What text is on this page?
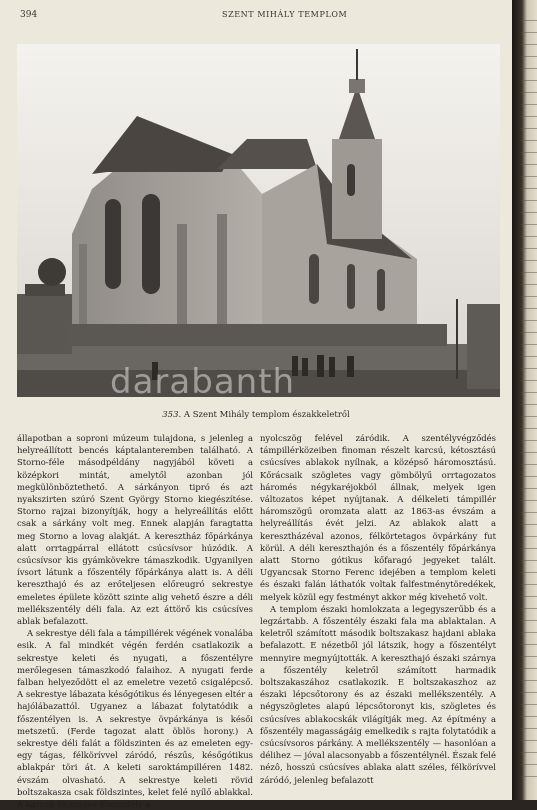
394	SZENT MIHÁLY TEMPLOM
darabanth
353. A Szent Mihály templom északkeletről

állapotban a soproni múzeum tulajdona, s jelenleg a helyreállított bencés káptalanteremben található. A Storno-féle másodpéldány nagyjából követi a középkori mintát, amelytől azonban jól megkülönböztethető. A sárkányon tipró és azt nyakszirten szúró Szent György Storno kiegészítése. Storno rajzai bizonyítják, hogy a helyreállítás előtt csak a sárkány volt meg. Ennek alapján faragtatta meg Storno a lovag alakját. A keresztház főpárkánya alatt orrtagpárral ellátott csúcsívsor húzódik. A csúcsívsor kis gyámkövekre támaszkodik. Ugyanilyen ívsort látunk a főszentély főpárkánya alatt is. A déli kereszthajó és az erőteljesen előreugró sekrestye emeletes épülete között szinte alig vehető észre a déli mellékszentély déli fala. Az ezt áttörő kis csúcsíves ablak befalazott.

A sekrestye déli fala a támpillérek végének vonalába esik. A fal mindkét végén ferdén csatlakozik a sekrestye keleti és nyugati, a főszentélyre merőlegesen támaszkodó falaihoz. A nyugati ferde falban helyeződött el az emeletre vezető csigalépcső. A sekrestye lábazata későgótikus és lényegesen eltér a hajólábazattól. Ugyanez a lábazat folytatódik a főszentélyen is. A sekrestye övpárkánya is késői metszetű. (Ferde tagozat alatt öblös horony.) A sekrestye déli falát a földszinten és az emeleten egy-egy tágas, félkörívvel záródó, részűs, későgótikus ablakpár töri át. A keleti saroktámpilléren 1482. évszám olvasható. A sekrestye keleti rövid boltszakasza csak földszintes, kelet felé nyílő ablakkal. A karcsú és magas főszentély a

nyolcszög felével záródik. A szentélyvégződés támpillérközeiben finoman részelt karcsú, kétosztású csúcsíves ablakok nyílnak, a középső háromosztású. Kőrácsaik szögletes vagy gömbölyű orrtagozatos háromés négykaréjokból állnak, melyek igen változatos képet nyújtanak. A délkeleti támpillér háromszögű oromzata alatt az 1863-as évszám a helyreállítás évét jelzi. Az ablakok alatt a keresztházéval azonos, félkörtetagos övpárkány fut körül. A déli kereszthajón és a főszentély főpárkánya alatt Storno gótikus kőfaragó jegyeket talált. Ugyancsak Storno Ferenc idejében a templom keleti és északi falán láthatók voltak falfestménytöredékek, melyek közül egy festményt akkor még kivehető volt.

A templom északi homlokzata a legegyszerűbb és a legzártabb. A főszentély északi fala ma ablaktalan. A keletről számított második boltszakasz hajdani ablaka befalazott. E nézetből jól látszik, hogy a főszentélyt mennyire megnyújtották. A kereszthajó északi szárnya a főszentély keletről számított harmadik boltszakaszához csatlakozik. E boltszakaszhoz az északi lépcsőtorony és az északi mellékszentély. A négyszögletes alapú lépcsőtoronyt kis, szögletes és csúcsíves ablakocskák világítják meg. Az építmény a főszentély magasságáig emelkedik s rajta folytatódik a csúcsívsoros párkány. A mellékszentély — hasonlóan a délihez — jóval alacsonyabb a főszentélynél. Észak felé nézô, hosszú csúcsíves ablaka alatt széles, félkörívvel záródó, jelenleg befalazott
